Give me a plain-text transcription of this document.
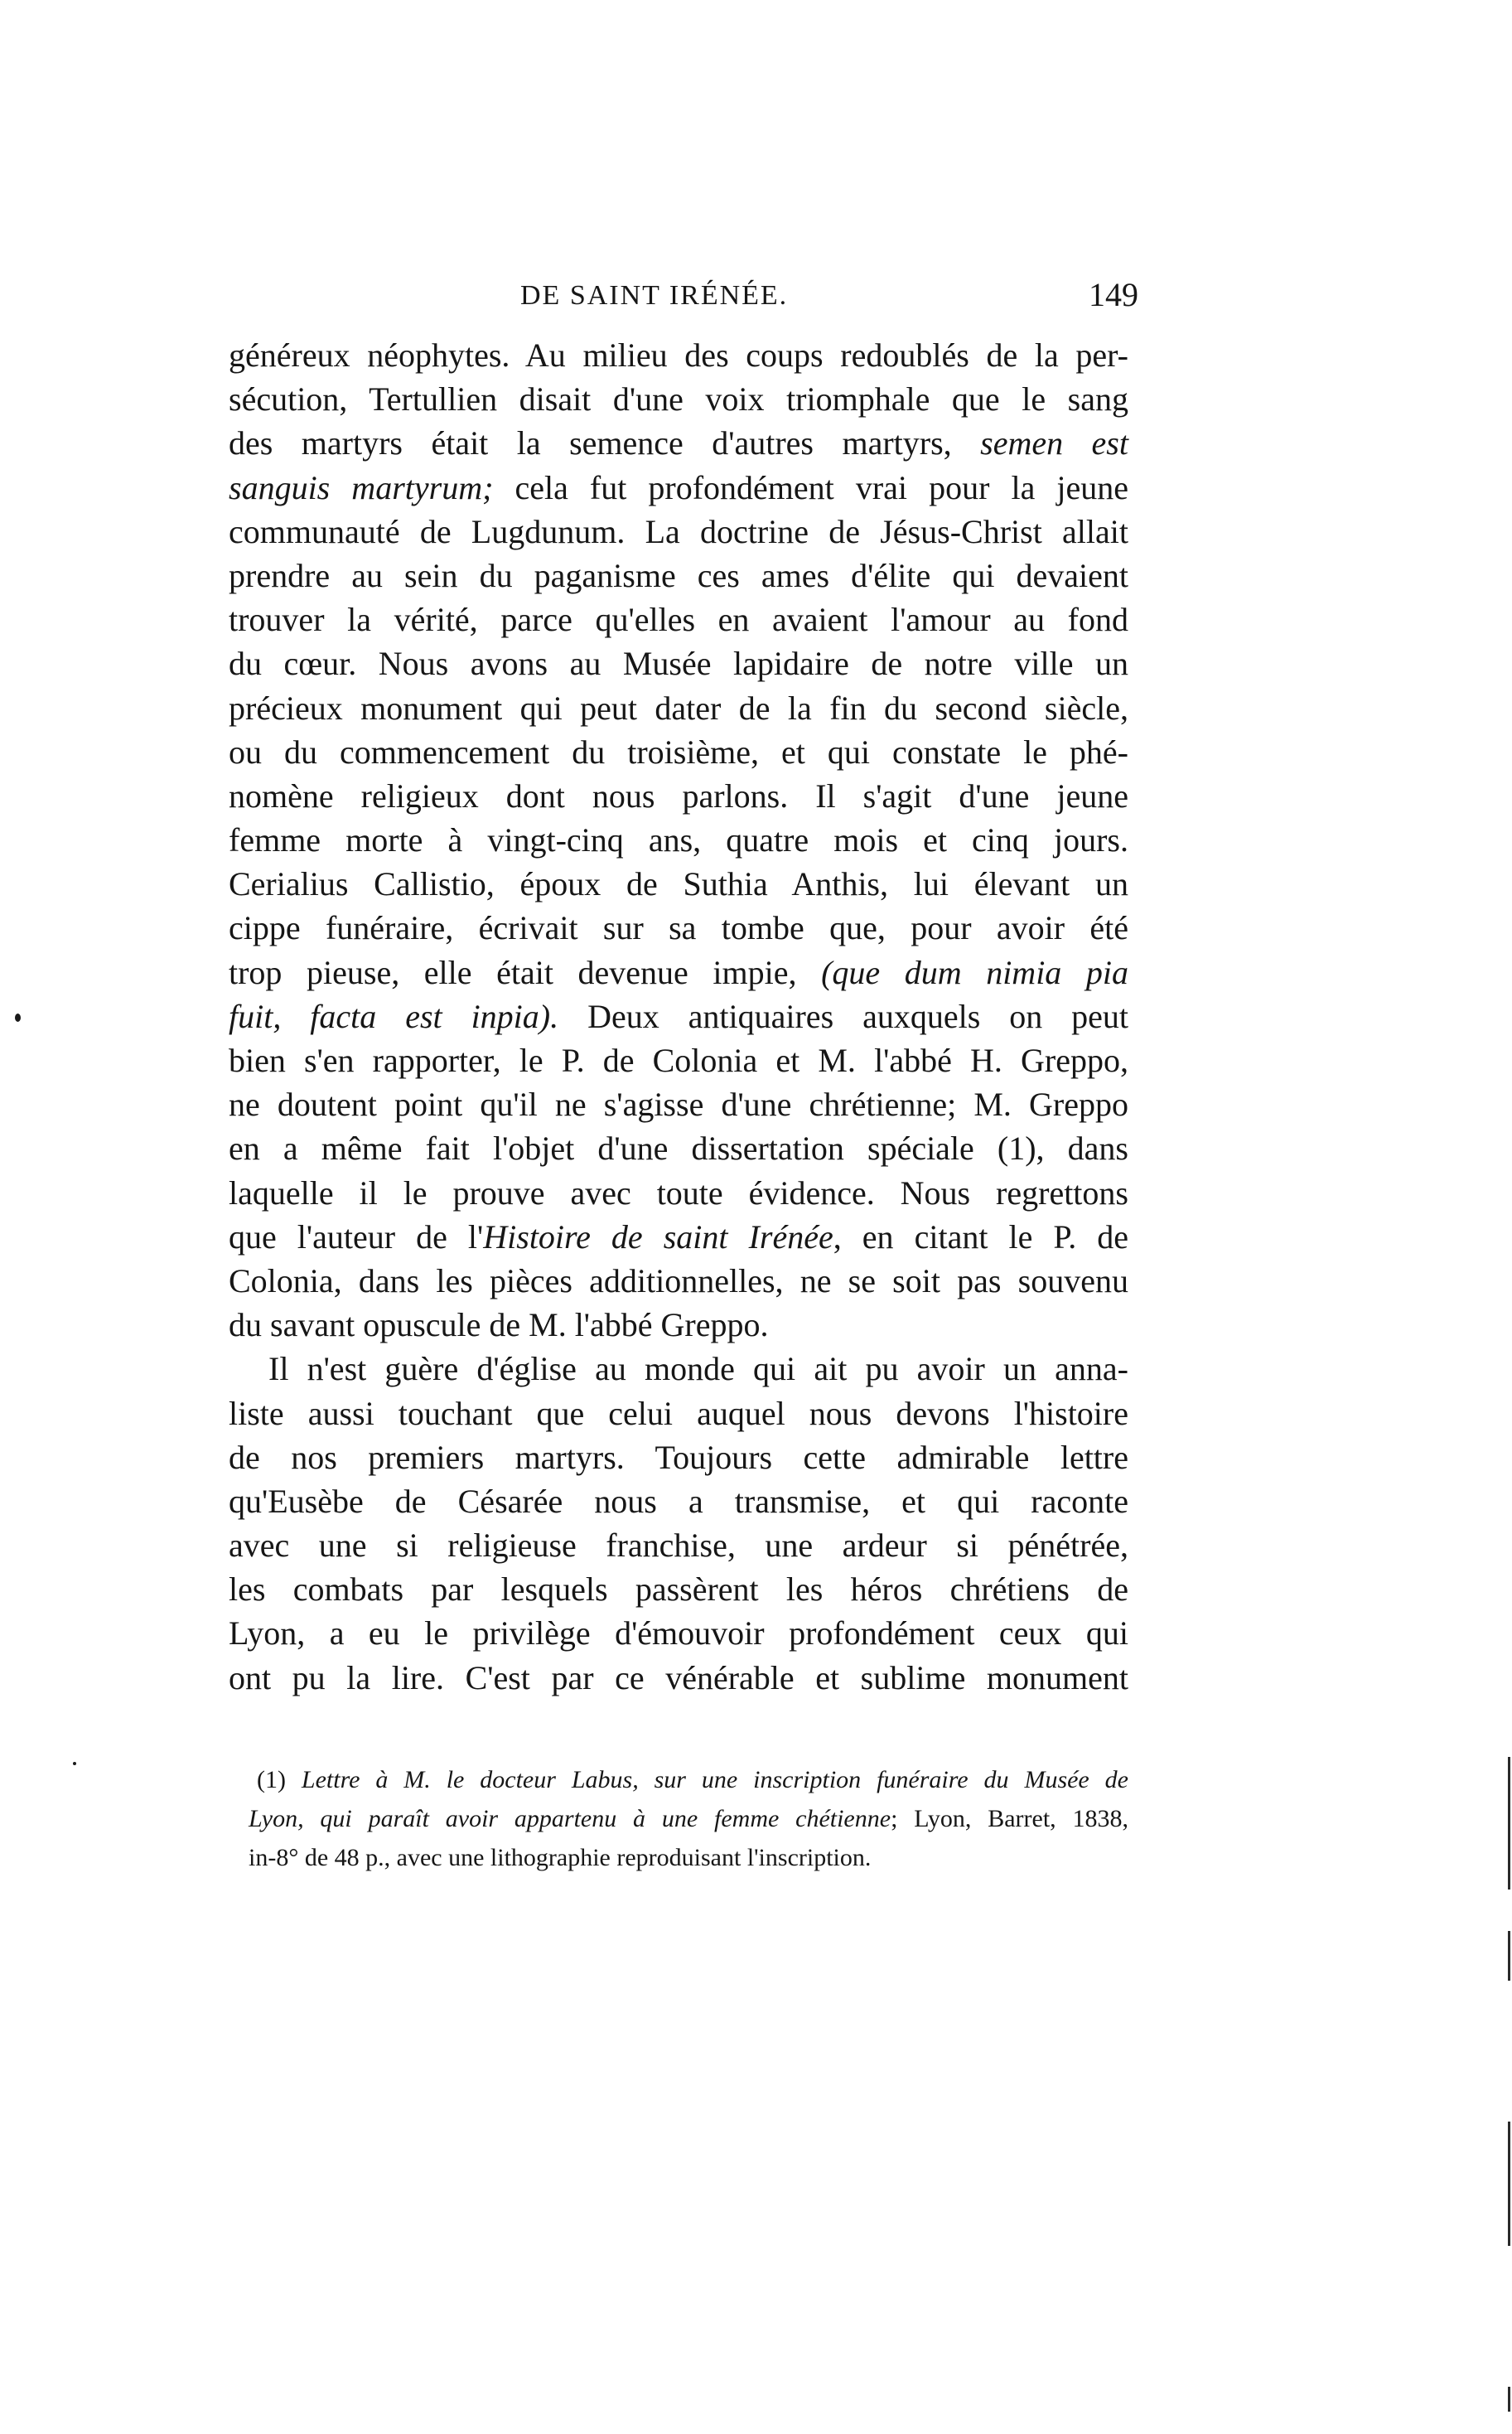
DE SAINT IRÉNÉE.	149
généreux néophytes. Au milieu des coups redoublés de la per-
sécution, Tertullien disait d'une voix triomphale que le sang
des martyrs était la semence d'autres martyrs, semen est
sanguis martyrum; cela fut profondément vrai pour la jeune
communauté de Lugdunum. La doctrine de Jésus-Christ allait
prendre au sein du paganisme ces ames d'élite qui devaient
trouver la vérité, parce qu'elles en avaient l'amour au fond
du cœur. Nous avons au Musée lapidaire de notre ville un
précieux monument qui peut dater de la fin du second siècle,
ou du commencement du troisième, et qui constate le phé-
nomène religieux dont nous parlons. Il s'agit d'une jeune
femme morte à vingt-cinq ans, quatre mois et cinq jours.
Cerialius Callistio, époux de Suthia Anthis, lui élevant un
cippe funéraire, écrivait sur sa tombe que, pour avoir été
trop pieuse, elle était devenue impie, (que dum nimia pia
fuit, facta est inpia). Deux antiquaires auxquels on peut
bien s'en rapporter, le P. de Colonia et M. l'abbé H. Greppo,
ne doutent point qu'il ne s'agisse d'une chrétienne; M. Greppo
en a même fait l'objet d'une dissertation spéciale (1), dans
laquelle il le prouve avec toute évidence. Nous regrettons
que l'auteur de l'Histoire de saint Irénée, en citant le P. de
Colonia, dans les pièces additionnelles, ne se soit pas souvenu
du savant opuscule de M. l'abbé Greppo.
Il n'est guère d'église au monde qui ait pu avoir un anna-
liste aussi touchant que celui auquel nous devons l'histoire
de nos premiers martyrs. Toujours cette admirable lettre
qu'Eusèbe de Césarée nous a transmise, et qui raconte
avec une si religieuse franchise, une ardeur si pénétrée,
les combats par lesquels passèrent les héros chrétiens de
Lyon, a eu le privilège d'émouvoir profondément ceux qui
ont pu la lire. C'est par ce vénérable et sublime monument
(1) Lettre à M. le docteur Labus, sur une inscription funéraire du Musée de
Lyon, qui paraît avoir appartenu à une femme chétienne; Lyon, Barret, 1838,
in-8° de 48 p., avec une lithographie reproduisant l'inscription.
